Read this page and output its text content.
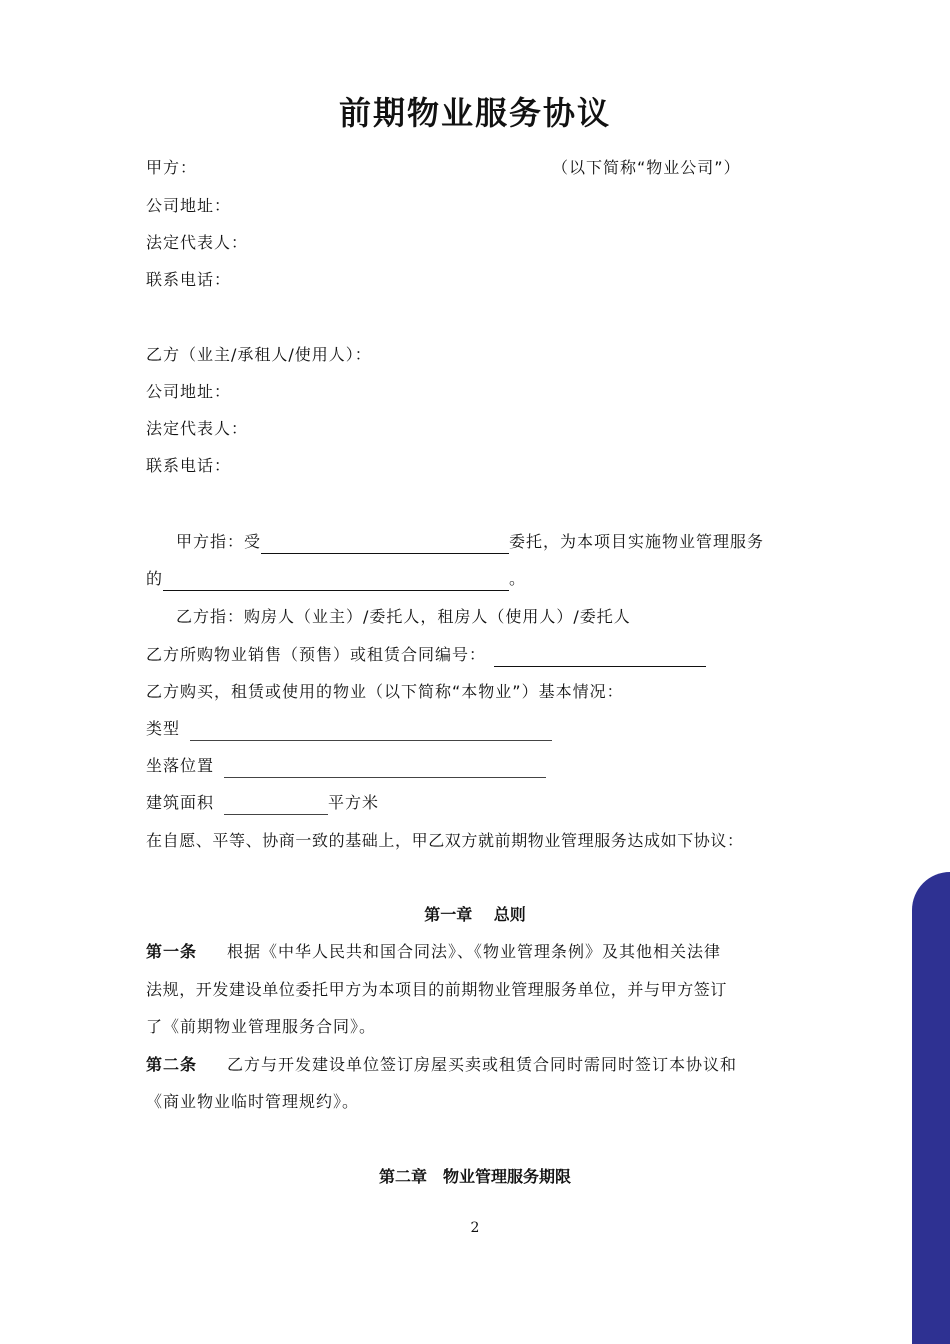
前期物业服务协议
甲方：	（以下简称“物业公司”）
公司地址：
法定代表人：
联系电话：
乙方（业主/承租人/使用人）：
公司地址：
法定代表人：
联系电话：
甲方指：受	委托，为本项目实施物业管理服务
的	。
乙方指：购房人（业主）/委托人，租房人（使用人）/委托人
乙方所购物业销售（预售）或租赁合同编号：
乙方购买，租赁或使用的物业（以下简称“本物业”）基本情况：
类型
坐落位置
建筑面积	平方米
在自愿、平等、协商一致的基础上，甲乙双方就前期物业管理服务达成如下协议：
第一章　 总则
第一条 根据《中华人民共和国合同法》、《物业管理条例》及其他相关法律
法规，开发建设单位委托甲方为本项目的前期物业管理服务单位，并与甲方签订
了《前期物业管理服务合同》。
第二条 乙方与开发建设单位签订房屋买卖或租赁合同时需同时签订本协议和
《商业物业临时管理规约》。
第二章　物业管理服务期限
2
